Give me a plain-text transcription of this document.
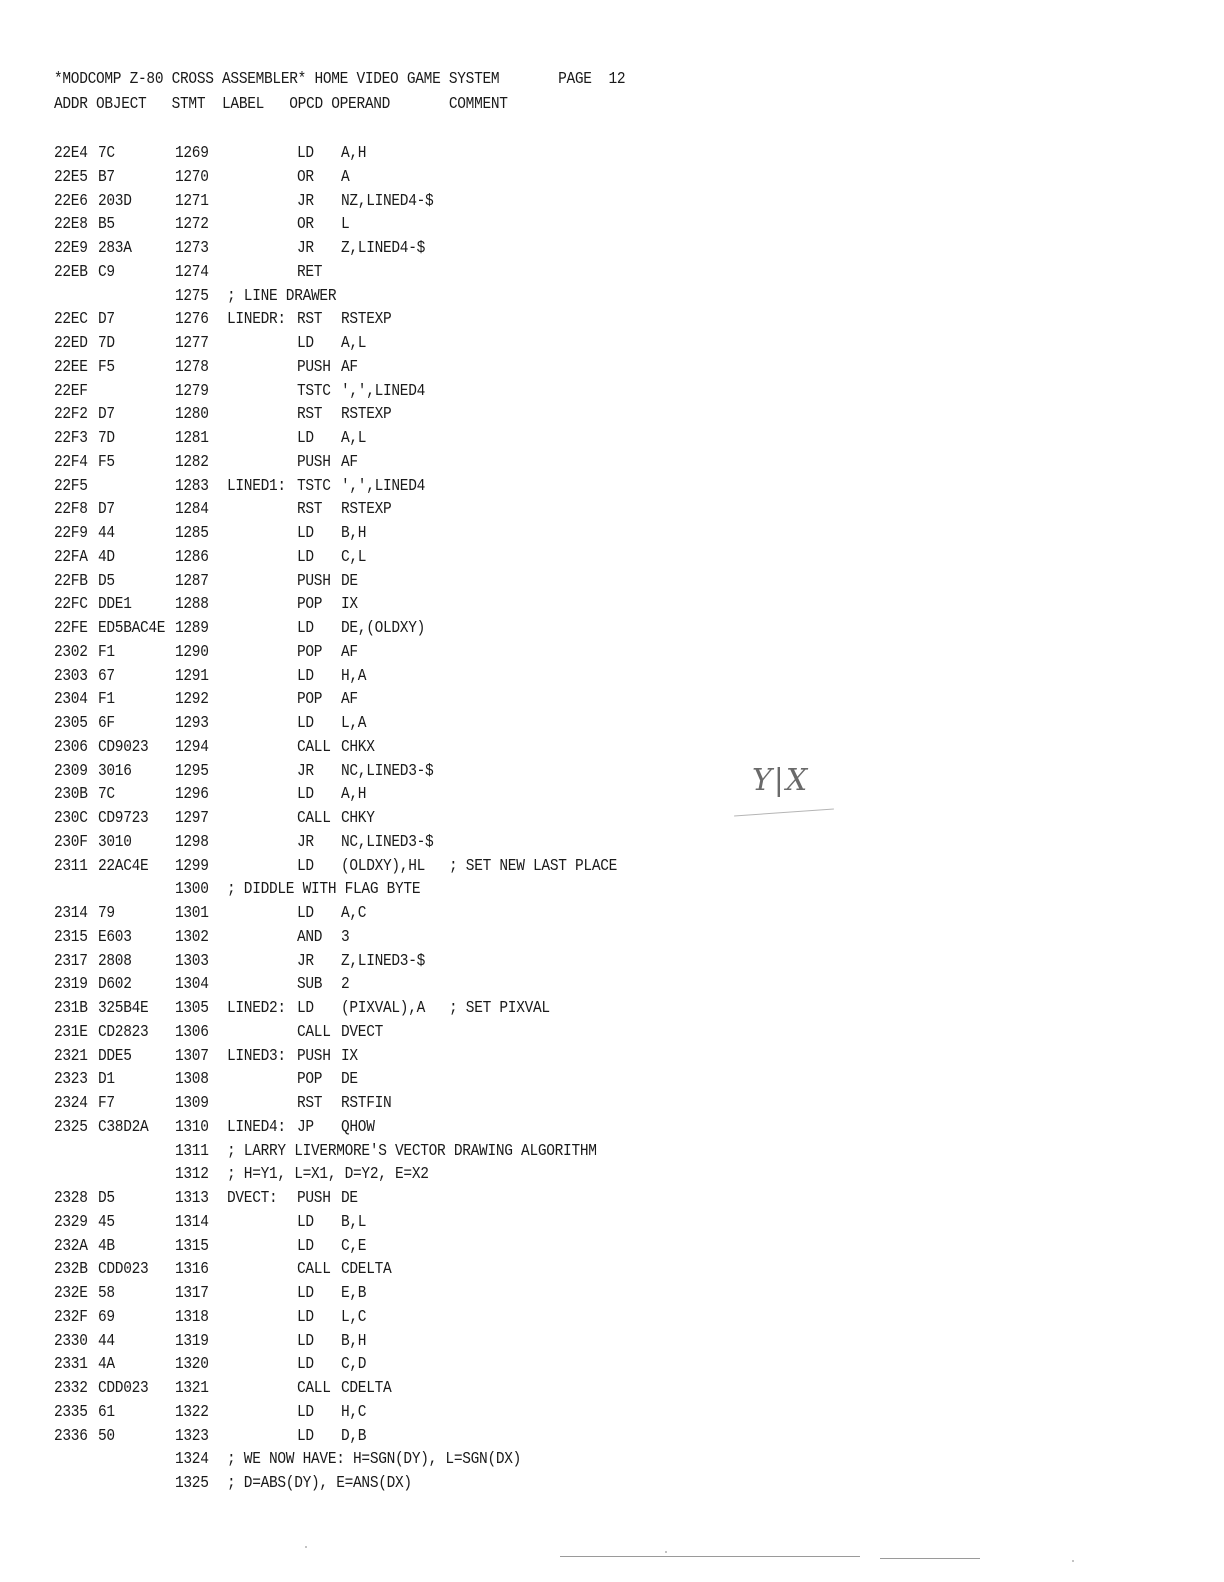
*MODCOMP Z-80 CROSS ASSEMBLER* HOME VIDEO GAME SYSTEM       PAGE  12
ADDR OBJECT   STMT  LABEL   OPCD OPERAND       COMMENT
22E4 7C	1269	LD A,H
22E5 B7	1270	OR A
22E6 203D	1271	JR NZ,LINED4-$
22E8 B5	1272	OR L
22E9 283A	1273	JR Z,LINED4-$
22EB C9	1274	RET
1275 ; LINE DRAWER
22EC D7	1276 LINEDR: RST RSTEXP
22ED 7D	1277	LD A,L
22EE F5	1278	PUSH AF
22EF	1279	TSTC ',',LINED4
22F2 D7	1280	RST RSTEXP
22F3 7D	1281	LD A,L
22F4 F5	1282	PUSH AF
22F5	1283 LINED1: TSTC ',',LINED4
22F8 D7	1284	RST RSTEXP
22F9 44	1285	LD B,H
22FA 4D	1286	LD C,L
22FB D5	1287	PUSH DE
22FC DDE1	1288	POP IX
22FE ED5BAC4E 1289	LD DE,(OLDXY)
2302 F1	1290	POP AF
2303 67	1291	LD H,A
2304 F1	1292	POP AF
2305 6F	1293	LD L,A
2306 CD9023 1294	CALL CHKX
2309 3016	1295	JR NC,LINED3-$
230B 7C	1296	LD A,H
230C CD9723 1297	CALL CHKY
230F 3010	1298	JR NC,LINED3-$
2311 22AC4E 1299	LD (OLDXY),HL ; SET NEW LAST PLACE
1300 ; DIDDLE WITH FLAG BYTE
2314 79	1301	LD A,C
2315 E603	1302	AND 3
2317 2808	1303	JR Z,LINED3-$
2319 D602	1304	SUB 2
231B 325B4E 1305 LINED2: LD (PIXVAL),A ; SET PIXVAL
231E CD2823 1306	CALL DVECT
2321 DDE5	1307 LINED3: PUSH IX
2323 D1	1308	POP DE
2324 F7	1309	RST RSTFIN
2325 C38D2A 1310 LINED4: JP QHOW
1311 ; LARRY LIVERMORE'S VECTOR DRAWING ALGORITHM
1312 ; H=Y1, L=X1, D=Y2, E=X2
2328 D5	1313 DVECT: PUSH DE
2329 45	1314	LD B,L
232A 4B	1315	LD C,E
232B CDD023 1316	CALL CDELTA
232E 58	1317	LD E,B
232F 69	1318	LD L,C
2330 44	1319	LD B,H
2331 4A	1320	LD C,D
2332 CDD023 1321	CALL CDELTA
2335 61	1322	LD H,C
2336 50	1323	LD D,B
1324 ; WE NOW HAVE: H=SGN(DY), L=SGN(DX)
1325 ; D=ABS(DY), E=ANS(DX)
Y|X
